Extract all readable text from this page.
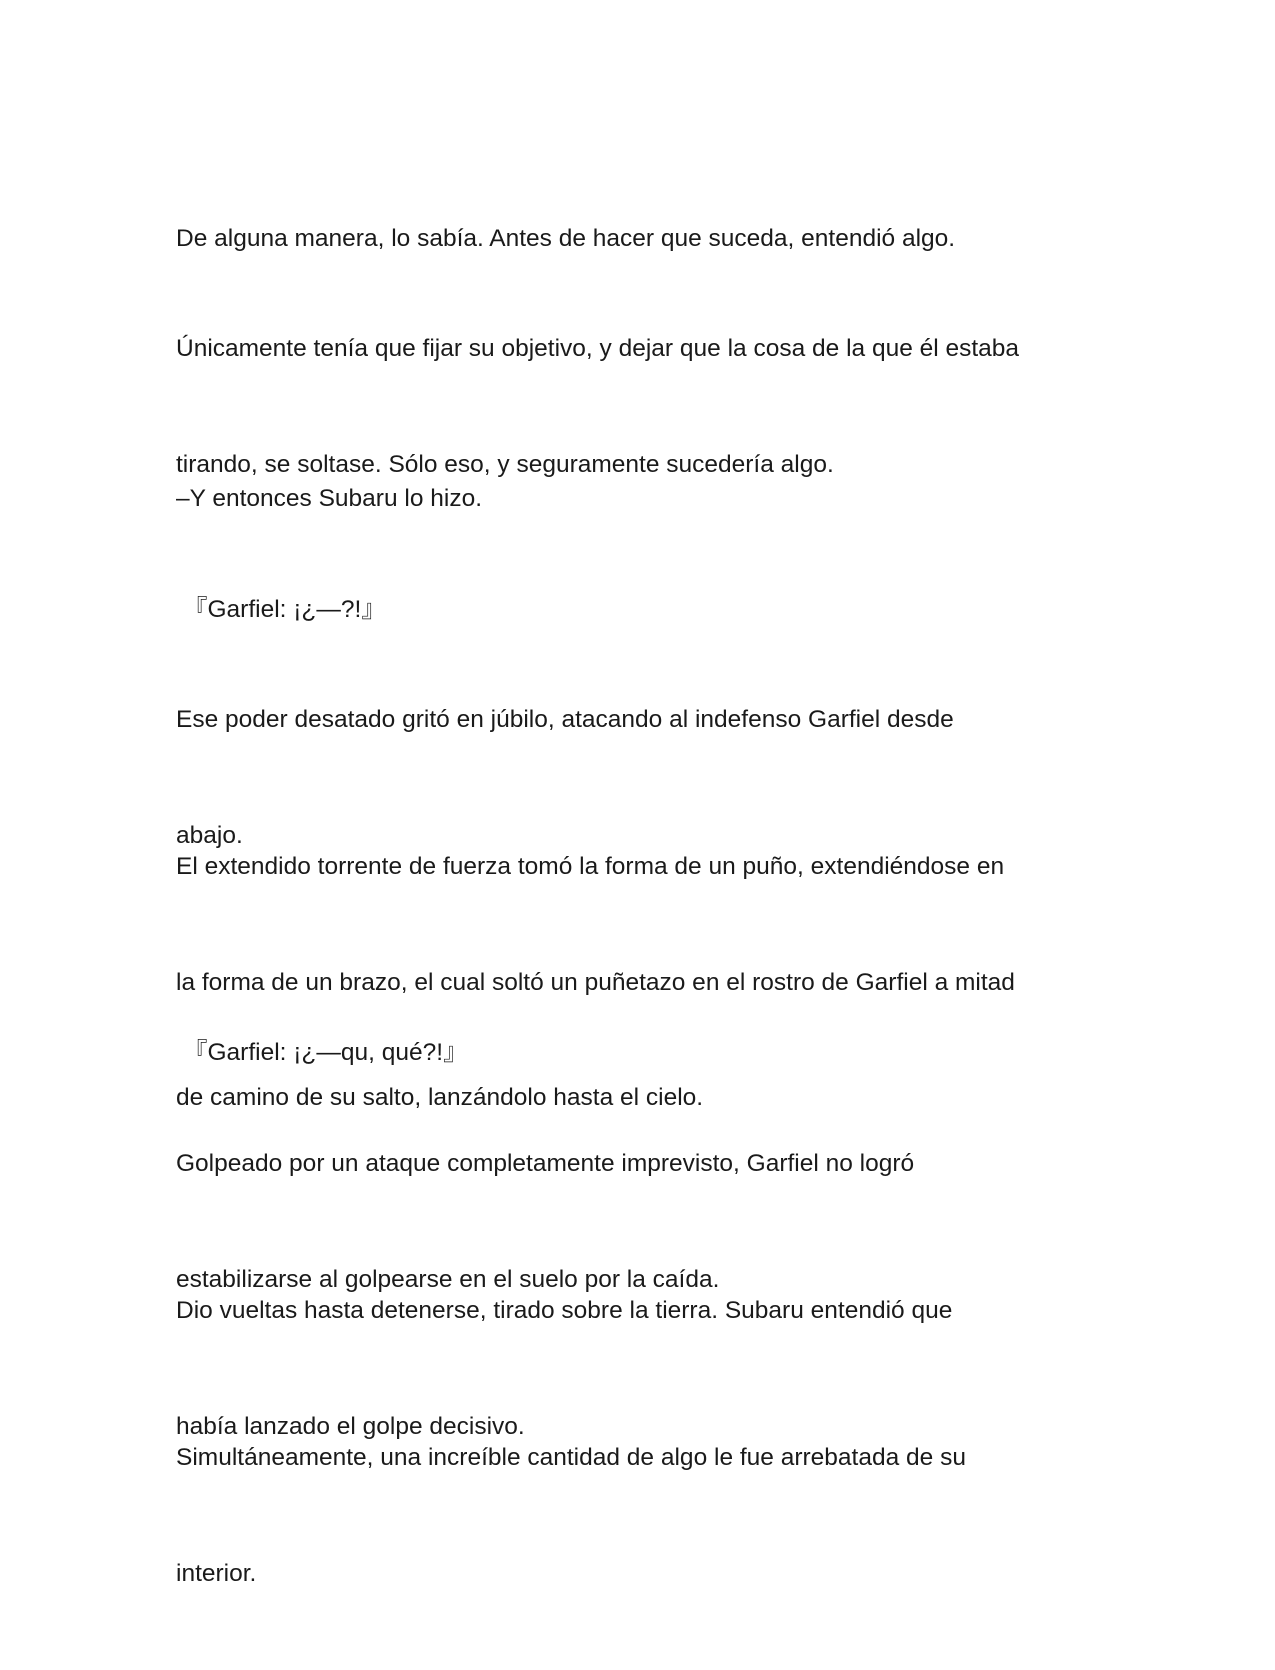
De alguna manera, lo sabía. Antes de hacer que suceda, entendió algo.

Únicamente tenía que fijar su objetivo, y dejar que la cosa de la que él estaba

tirando, se soltase. Sólo eso, y seguramente sucedería algo.

–Y entonces Subaru lo hizo.

『Garfiel: ¡¿—?!』

Ese poder desatado gritó en júbilo, atacando al indefenso Garfiel desde

abajo.

El extendido torrente de fuerza tomó la forma de un puño, extendiéndose en

la forma de un brazo, el cual soltó un puñetazo en el rostro de Garfiel a mitad

de camino de su salto, lanzándolo hasta el cielo.

『Garfiel: ¡¿—qu, qué?!』

Golpeado por un ataque completamente imprevisto, Garfiel no logró

estabilizarse al golpearse en el suelo por la caída.

Dio vueltas hasta detenerse, tirado sobre la tierra. Subaru entendió que

había lanzado el golpe decisivo.

Simultáneamente, una increíble cantidad de algo le fue arrebatada de su

interior.
